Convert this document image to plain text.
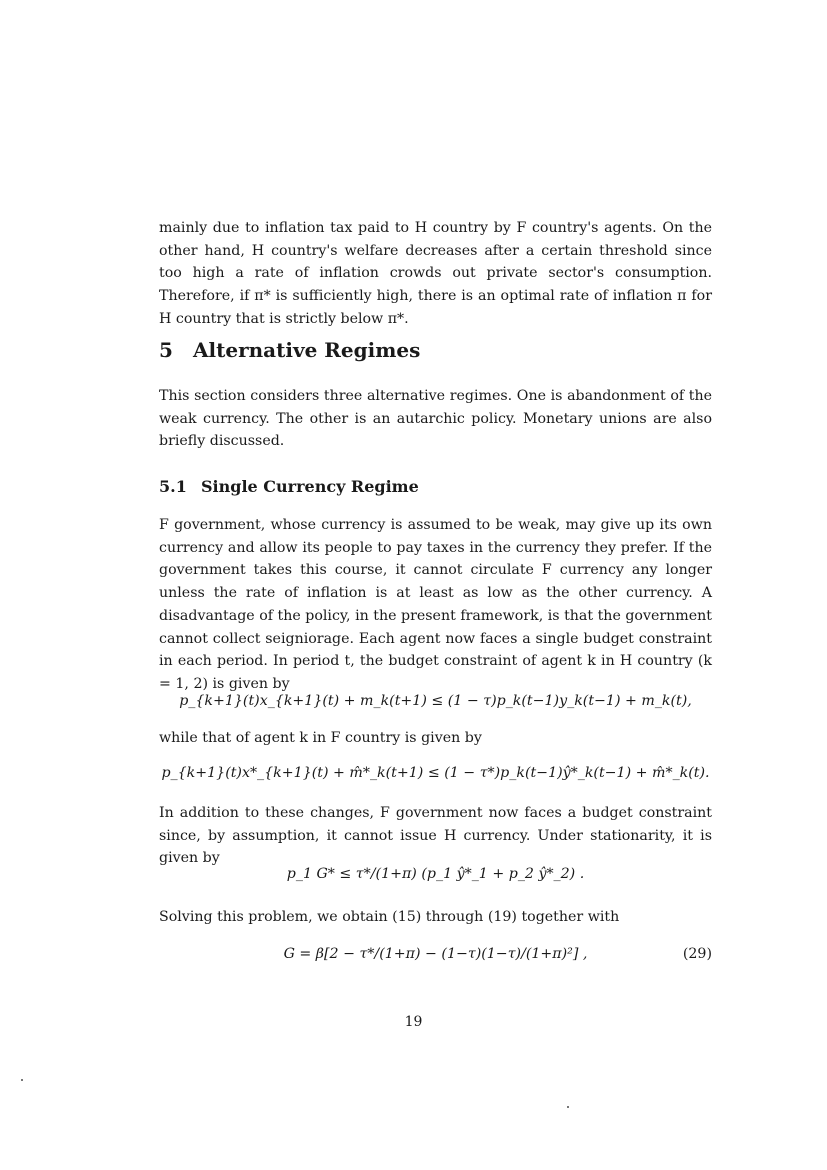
mainly due to inflation tax paid to H country by F country's agents. On the other hand, H country's welfare decreases after a certain threshold since too high a rate of inflation crowds out private sector's consumption. Therefore, if π* is sufficiently high, there is an optimal rate of inflation π for H country that is strictly below π*.

5 Alternative Regimes

This section considers three alternative regimes. One is abandonment of the weak currency. The other is an autarchic policy. Monetary unions are also briefly discussed.

5.1 Single Currency Regime

F government, whose currency is assumed to be weak, may give up its own currency and allow its people to pay taxes in the currency they prefer. If the government takes this course, it cannot circulate F currency any longer unless the rate of inflation is at least as low as the other currency. A disadvantage of the policy, in the present framework, is that the government cannot collect seigniorage. Each agent now faces a single budget constraint in each period. In period t, the budget constraint of agent k in H country (k = 1, 2) is given by

p_{k+1}(t)x_{k+1}(t) + m_k(t+1) ≤ (1 − τ)p_k(t−1)y_k(t−1) + m_k(t),

while that of agent k in F country is given by

p_{k+1}(t)x*_{k+1}(t) + m̂*_k(t+1) ≤ (1 − τ*)p_k(t−1)ŷ*_k(t−1) + m̂*_k(t).

In addition to these changes, F government now faces a budget constraint since, by assumption, it cannot issue H currency. Under stationarity, it is given by

p_1 G* ≤ τ*/(1+π) (p_1 ŷ*_1 + p_2 ŷ*_2) .

Solving this problem, we obtain (15) through (19) together with

G = β[2 − τ*/(1+π) − (1−τ)(1−τ)/(1+π)²] ,	(29)
19
